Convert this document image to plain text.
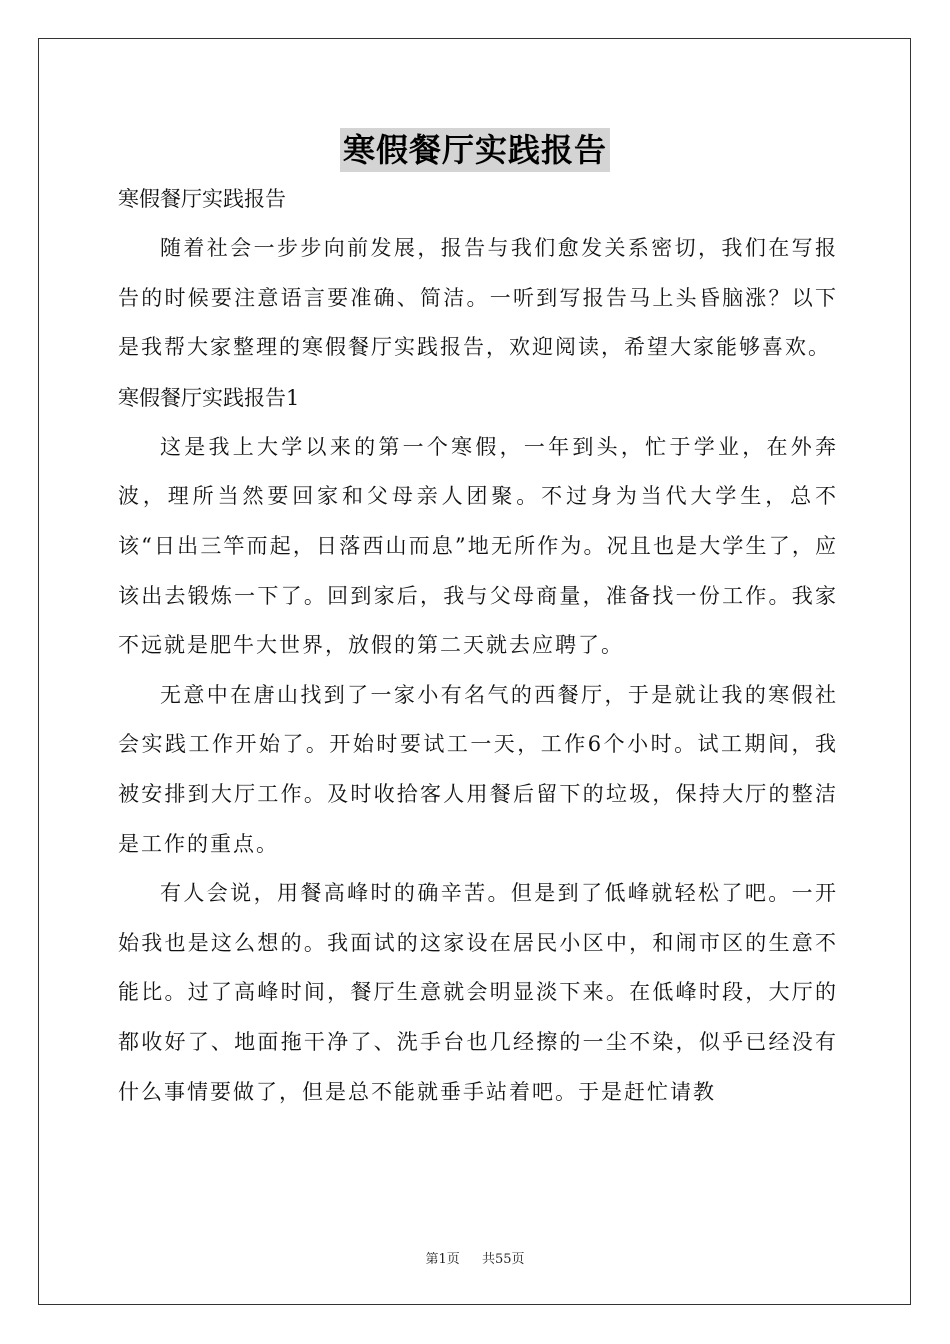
寒假餐厅实践报告

寒假餐厅实践报告

随着社会一步步向前发展，报告与我们愈发关系密切，我们在写报告的时候要注意语言要准确、简洁。一听到写报告马上头昏脑涨？以下是我帮大家整理的寒假餐厅实践报告，欢迎阅读，希望大家能够喜欢。

寒假餐厅实践报告1

这是我上大学以来的第一个寒假，一年到头，忙于学业，在外奔波，理所当然要回家和父母亲人团聚。不过身为当代大学生，总不该“日出三竿而起，日落西山而息”地无所作为。况且也是大学生了，应该出去锻炼一下了。回到家后，我与父母商量，准备找一份工作。我家不远就是肥牛大世界，放假的第二天就去应聘了。

无意中在唐山找到了一家小有名气的西餐厅，于是就让我的寒假社会实践工作开始了。开始时要试工一天，工作6个小时。试工期间，我被安排到大厅工作。及时收拾客人用餐后留下的垃圾，保持大厅的整洁是工作的重点。

有人会说，用餐高峰时的确辛苦。但是到了低峰就轻松了吧。一开始我也是这么想的。我面试的这家设在居民小区中，和闹市区的生意不能比。过了高峰时间，餐厅生意就会明显淡下来。在低峰时段，大厅的都收好了、地面拖干净了、洗手台也几经擦的一尘不染，似乎已经没有什么事情要做了，但是总不能就垂手站着吧。于是赶忙请教

第1页 共55页
